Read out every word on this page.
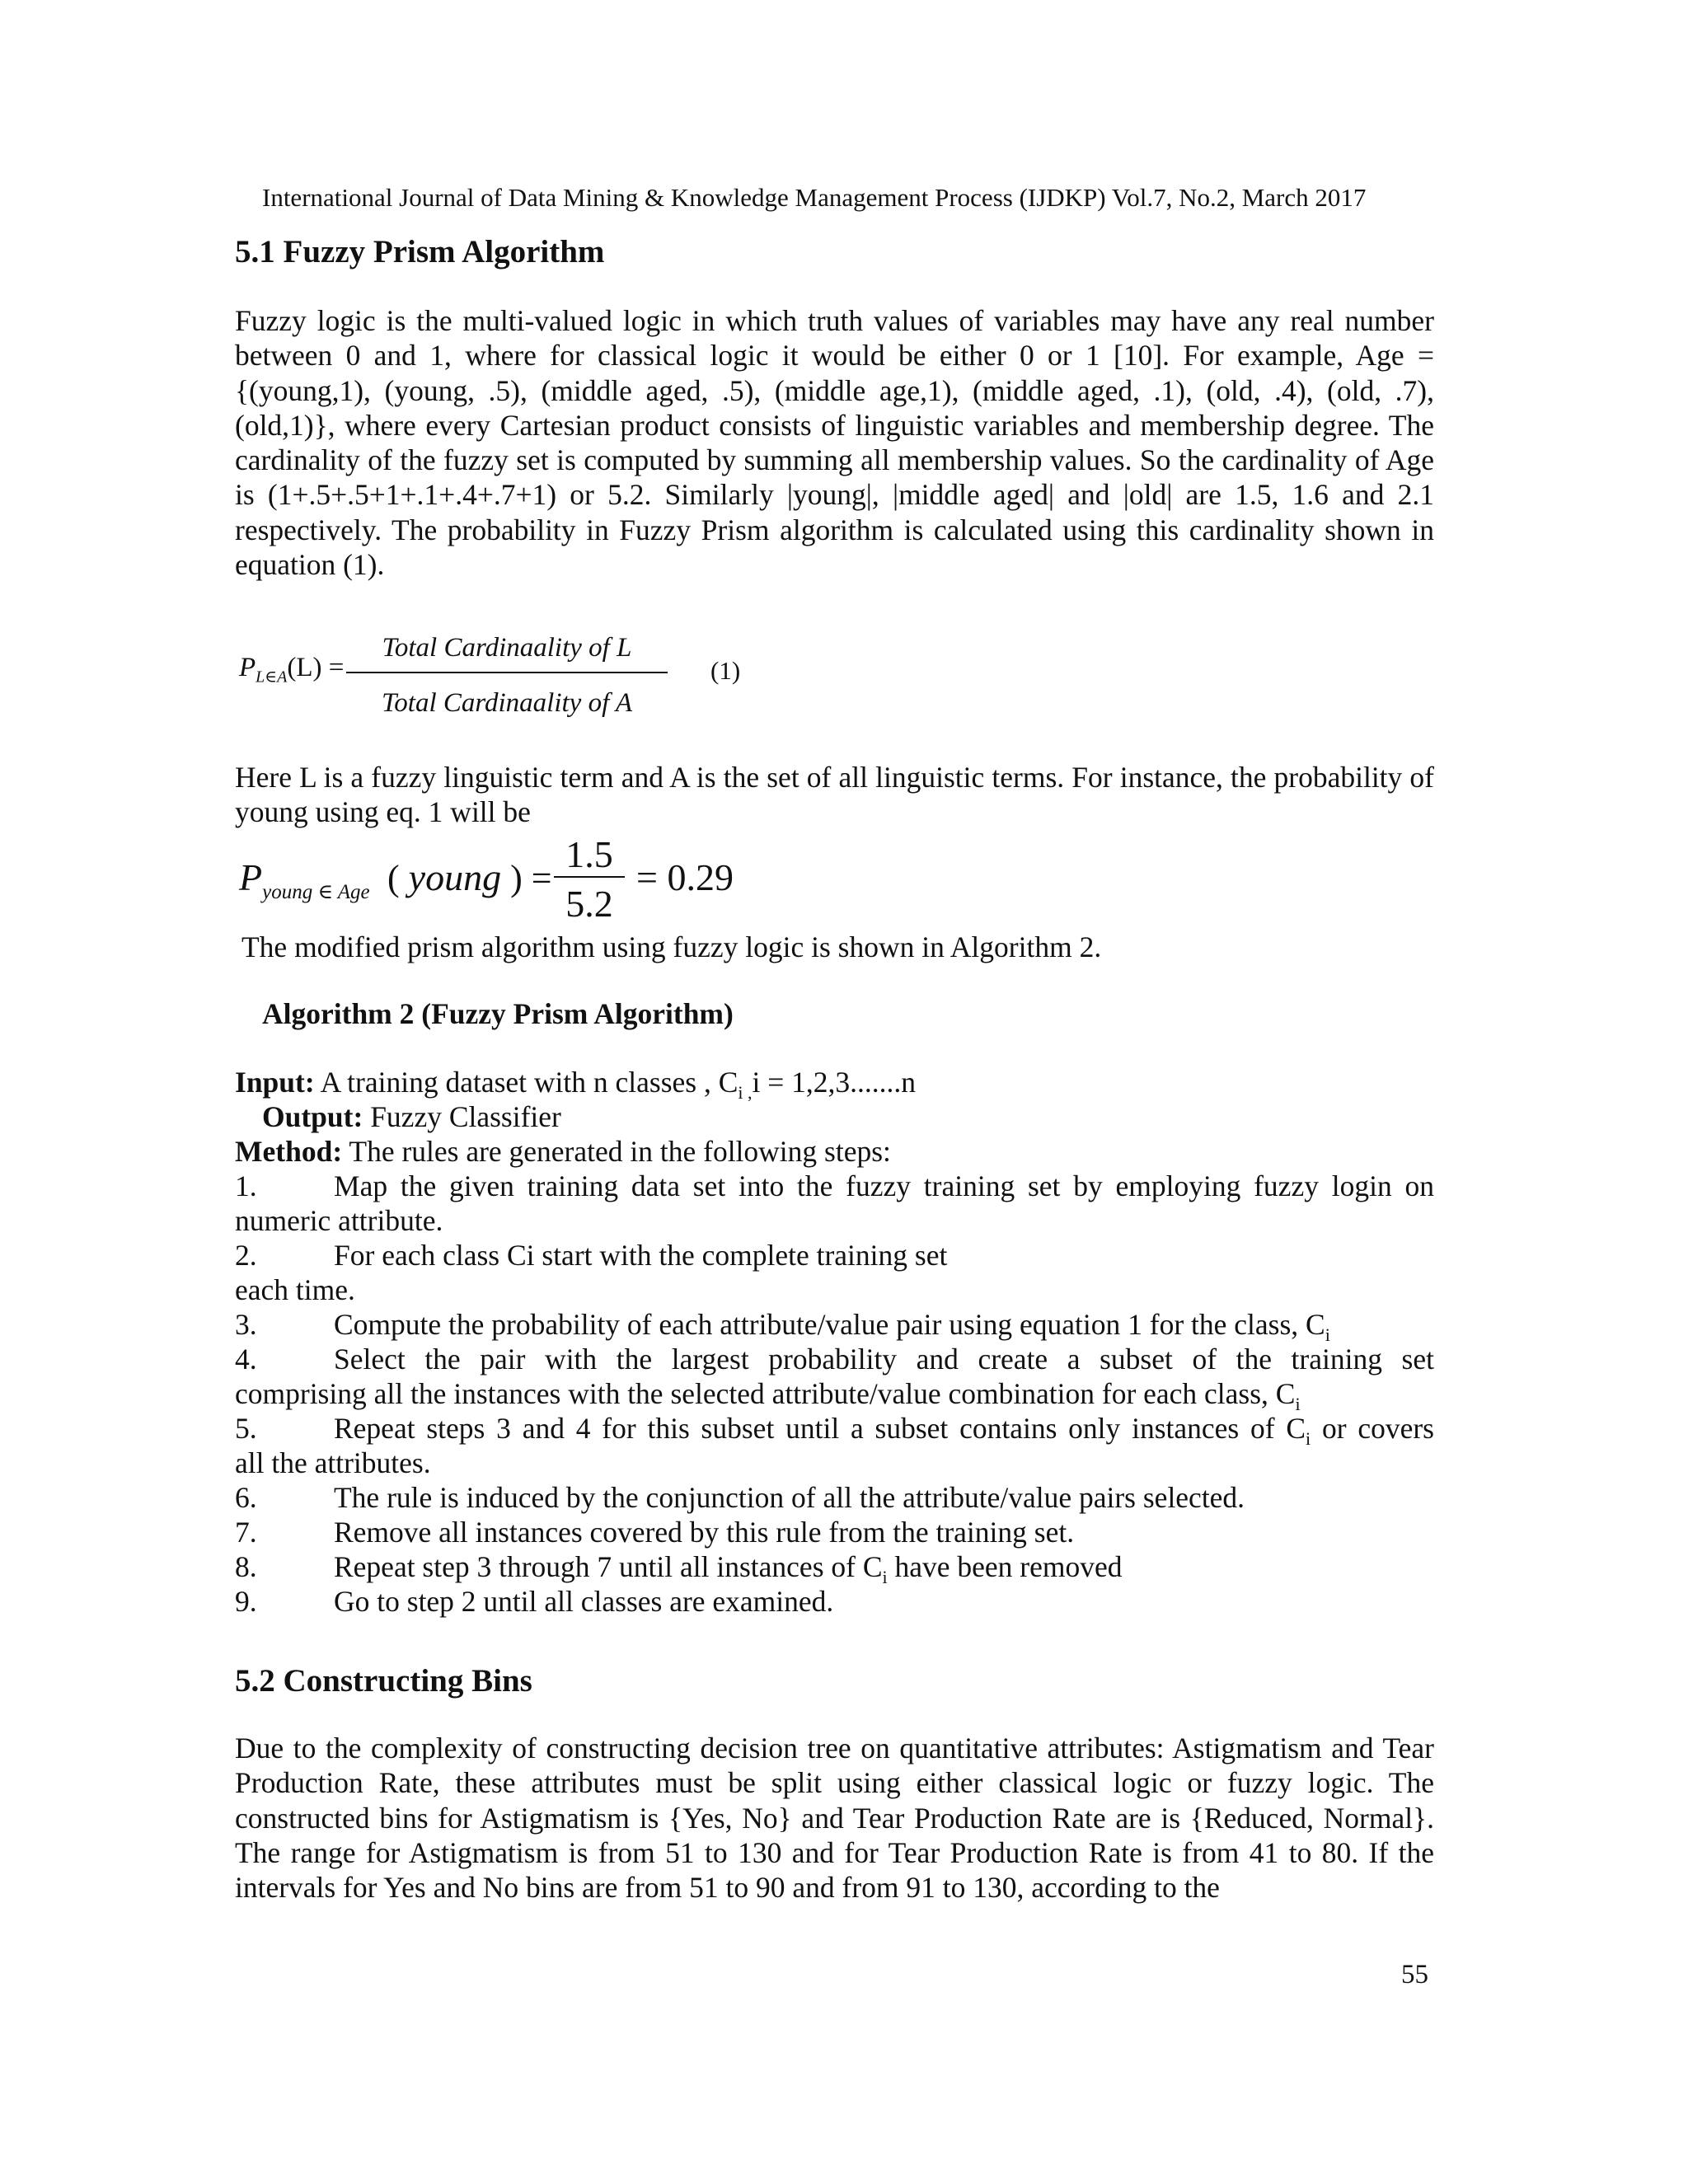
International Journal of Data Mining & Knowledge Management Process (IJDKP) Vol.7, No.2, March 2017
5.1 Fuzzy Prism Algorithm
Fuzzy logic is the multi-valued logic in which truth values of variables may have any real number between 0 and 1, where for classical logic it would be either 0 or 1 [10]. For example, Age = {(young,1), (young, .5), (middle aged, .5), (middle age,1), (middle aged, .1), (old, .4), (old, .7), (old,1)}, where every Cartesian product consists of linguistic variables and membership degree. The cardinality of the fuzzy set is computed by summing all membership values. So the cardinality of Age is (1+.5+.5+1+.1+.4+.7+1) or 5.2. Similarly |young|, |middle aged| and |old| are 1.5, 1.6 and 2.1 respectively. The probability in Fuzzy Prism algorithm is calculated using this cardinality shown in equation (1).
$P_{L\in A}(L)$ =
Total Cardinaality of L
Total Cardinaality of A
(1)
Here L is a fuzzy linguistic term and A is the set of all linguistic terms. For instance, the probability of young using eq. 1 will be
$P_{young \in Age}$ ( young ) =
1.5
5.2
= 0.29
The modified prism algorithm using fuzzy logic is shown in Algorithm 2.
Algorithm 2 (Fuzzy Prism Algorithm)
Input: A training dataset with n classes , $C_{i ,}i = 1,2,3.......n$
Output: Fuzzy Classifier
Method: The rules are generated in the following steps:
1.	Map the given training data set into the fuzzy training set by employing fuzzy login on
numeric attribute.
2.	For each class Ci start with the complete training set
each time.
3.	Compute the probability of each attribute/value pair using equation 1 for the class, $C_i$
4.	Select the pair with the largest probability and create a subset of the training set
comprising all the instances with the selected attribute/value combination for each class, $C_i$
5.	Repeat steps 3 and 4 for this subset until a subset contains only instances of $C_i$ or covers
all the attributes.
6.	The rule is induced by the conjunction of all the attribute/value pairs selected.
7.	Remove all instances covered by this rule from the training set.
8.	Repeat step 3 through 7 until all instances of $C_i$ have been removed
9.	Go to step 2 until all classes are examined.
5.2 Constructing Bins
Due to the complexity of constructing decision tree on quantitative attributes: Astigmatism and Tear Production Rate, these attributes must be split using either classical logic or fuzzy logic. The constructed bins for Astigmatism is {Yes, No} and Tear Production Rate are is {Reduced, Normal}. The range for Astigmatism is from 51 to 130 and for Tear Production Rate is from 41 to 80. If the intervals for Yes and No bins are from 51 to 90 and from 91 to 130, according to the
55
